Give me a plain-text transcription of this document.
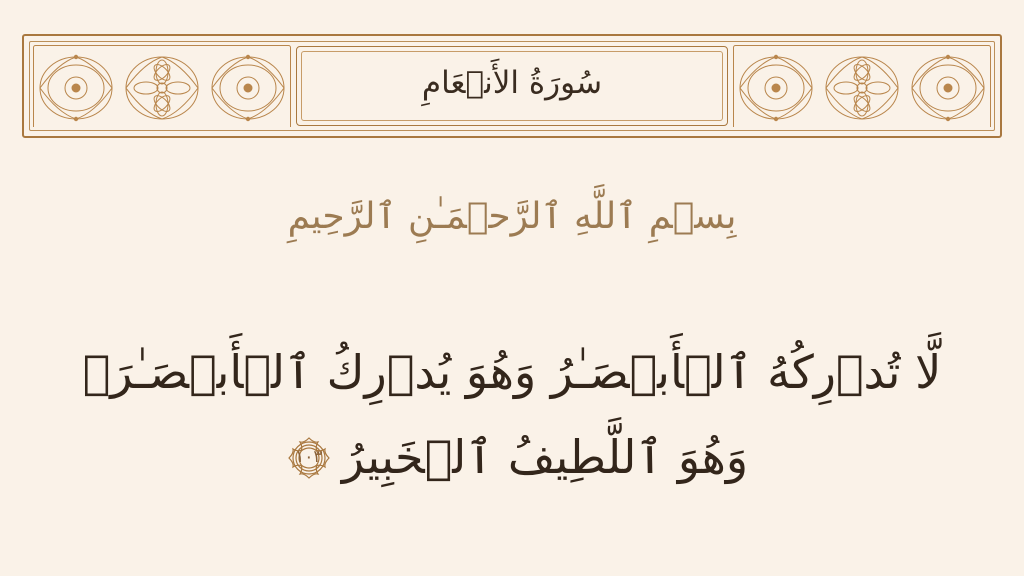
سُورَةُ الأَنۡعَامِ
بِسۡمِ ٱللَّهِ ٱلرَّحۡمَـٰنِ ٱلرَّحِیمِ
لَّا تُدۡرِكُهُ ٱلۡأَبۡصَـٰرُ وَهُوَ یُدۡرِكُ ٱلۡأَبۡصَـٰرَۖ وَهُوَ ٱللَّطِیفُ ٱلۡخَبِیرُ
١٠٣
